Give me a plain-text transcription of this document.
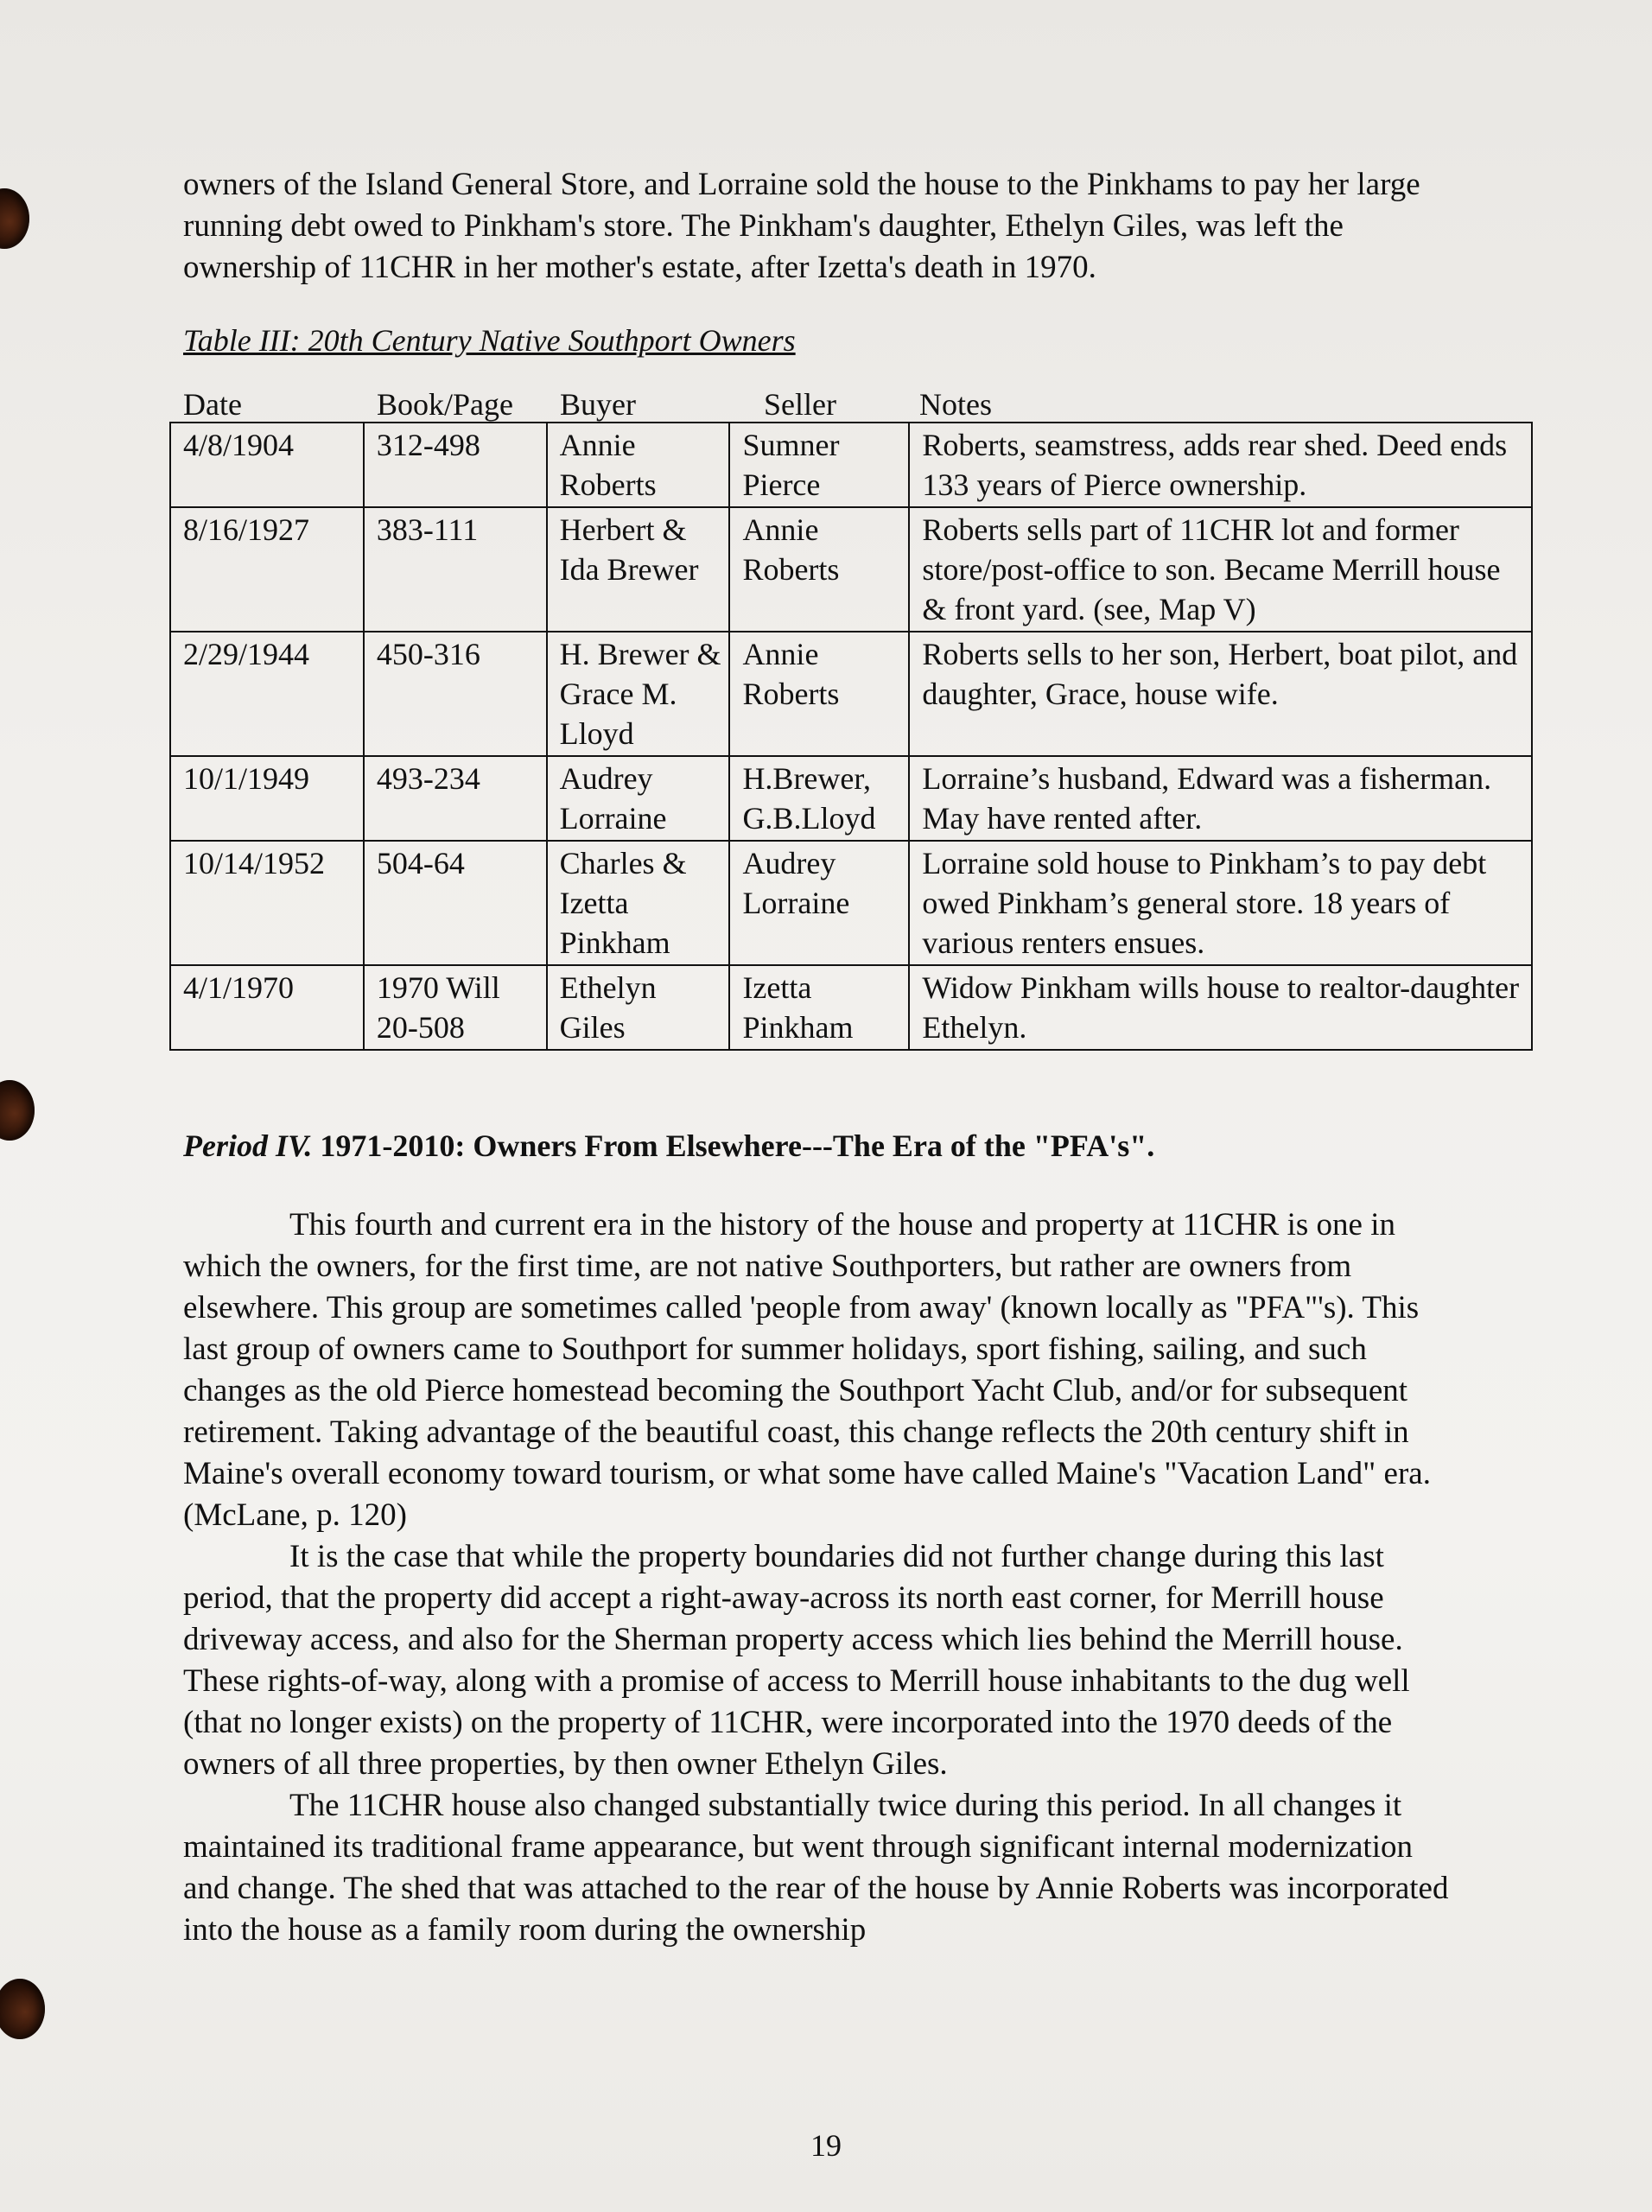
owners of the Island General Store, and Lorraine sold the house to the Pinkhams to pay her large running debt owed to Pinkham's store. The Pinkham's daughter, Ethelyn Giles, was left the ownership of 11CHR in her mother's estate, after Izetta's death in 1970.

Table III: 20th Century Native Southport Owners

Date	Book/Page Buyer	Seller	Notes
4/8/1904	312-498	Annie Roberts	Sumner Pierce	Roberts, seamstress, adds rear shed. Deed ends 133 years of Pierce ownership.
8/16/1927	383-111	Herbert & Ida Brewer	Annie Roberts	Roberts sells part of 11CHR lot and former store/post-office to son. Became Merrill house & front yard. (see, Map V)
2/29/1944	450-316	H. Brewer & Grace M. Lloyd	Annie Roberts	Roberts sells to her son, Herbert, boat pilot, and daughter, Grace, house wife.
10/1/1949	493-234	Audrey Lorraine	H.Brewer, G.B.Lloyd	Lorraine’s husband, Edward was a fisherman. May have rented after.
10/14/1952	504-64	Charles & Izetta Pinkham	Audrey Lorraine	Lorraine sold house to Pinkham’s to pay debt owed Pinkham’s general store. 18 years of various renters ensues.
4/1/1970	1970 Will 20-508	Ethelyn Giles	Izetta Pinkham	Widow Pinkham wills house to realtor-daughter Ethelyn.

Period IV. 1971-2010: Owners From Elsewhere---The Era of the "PFA's".

This fourth and current era in the history of the house and property at 11CHR is one in which the owners, for the first time, are not native Southporters, but rather are owners from elsewhere. This group are sometimes called 'people from away' (known locally as "PFA"'s). This last group of owners came to Southport for summer holidays, sport fishing, sailing, and such changes as the old Pierce homestead becoming the Southport Yacht Club, and/or for subsequent retirement. Taking advantage of the beautiful coast, this change reflects the 20th century shift in Maine's overall economy toward tourism, or what some have called Maine's "Vacation Land" era. (McLane, p. 120)

It is the case that while the property boundaries did not further change during this last period, that the property did accept a right-away-across its north east corner, for Merrill house driveway access, and also for the Sherman property access which lies behind the Merrill house. These rights-of-way, along with a promise of access to Merrill house inhabitants to the dug well (that no longer exists) on the property of 11CHR, were incorporated into the 1970 deeds of the owners of all three properties, by then owner Ethelyn Giles.

The 11CHR house also changed substantially twice during this period. In all changes it maintained its traditional frame appearance, but went through significant internal modernization and change. The shed that was attached to the rear of the house by Annie Roberts was incorporated into the house as a family room during the ownership

19
